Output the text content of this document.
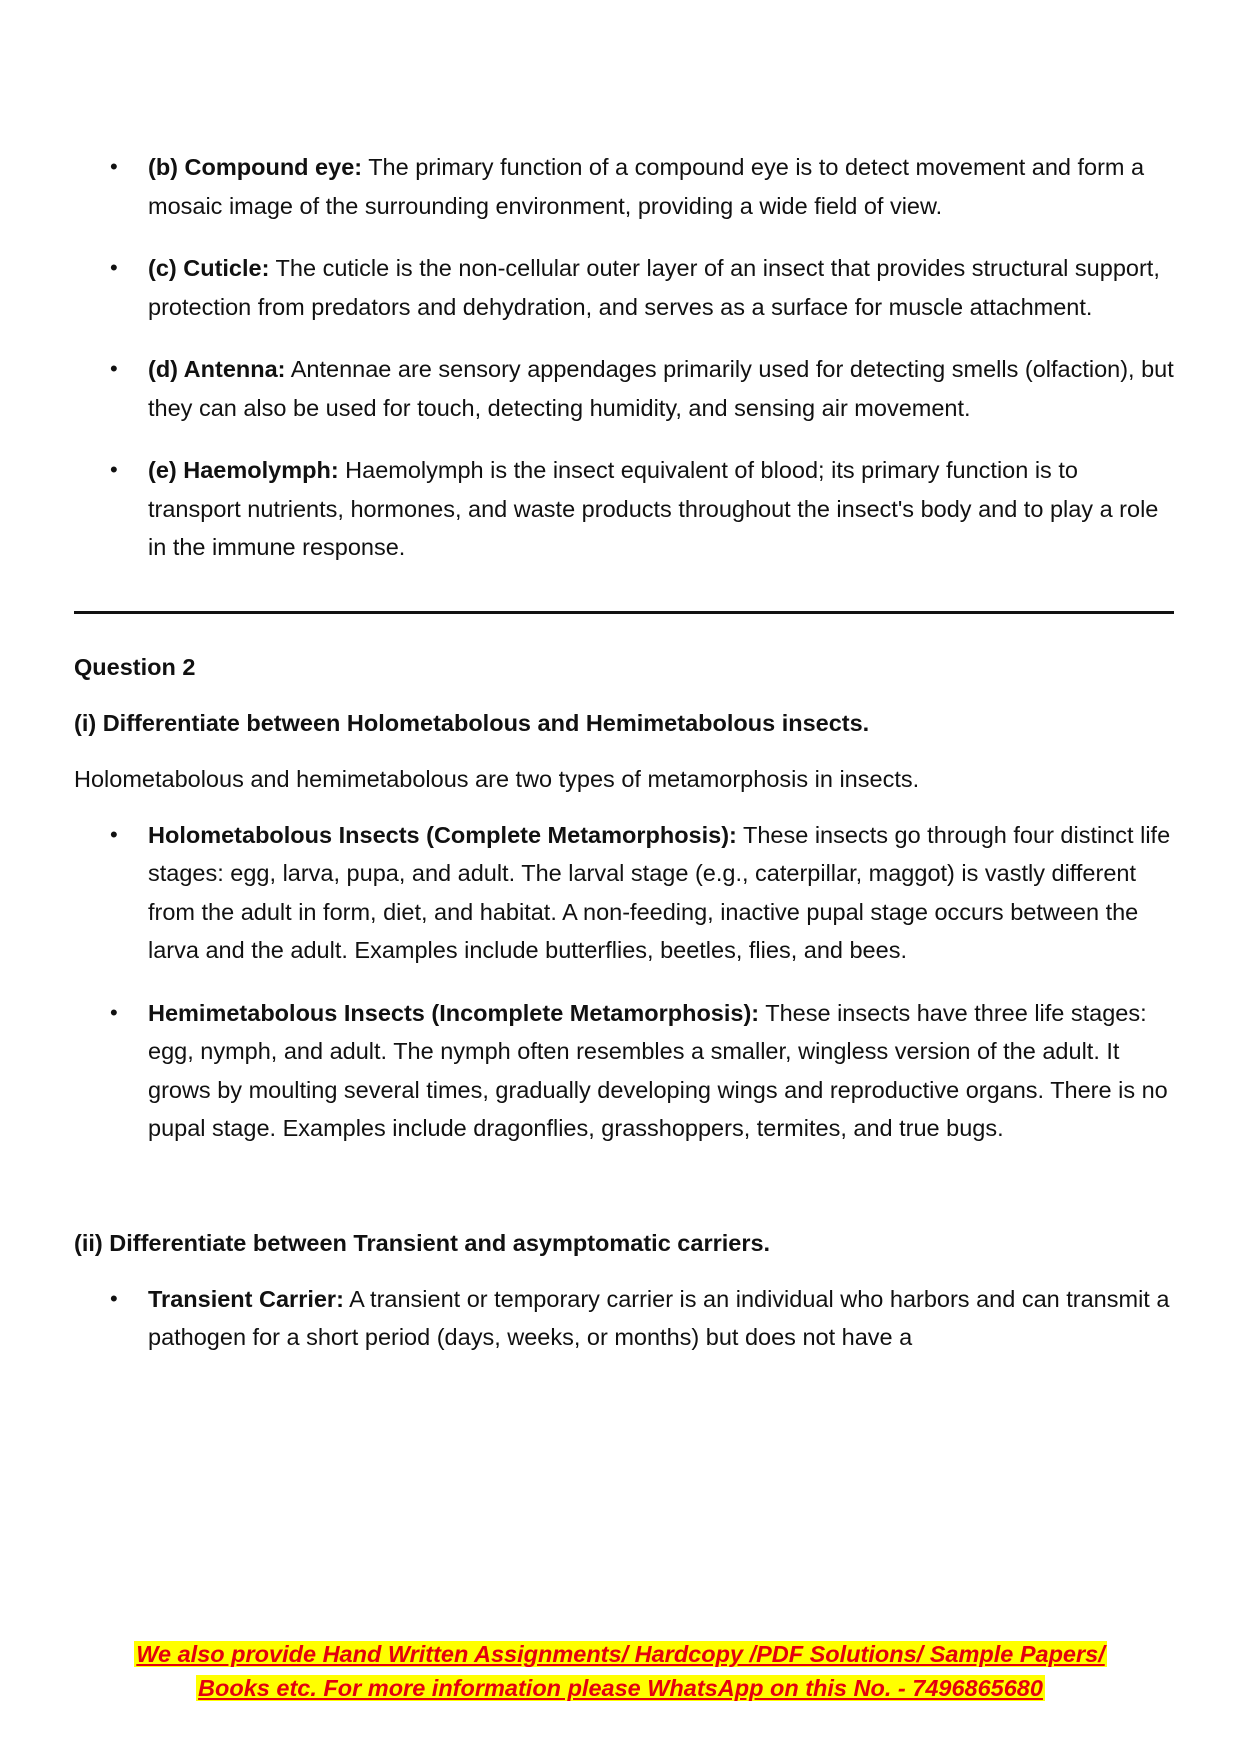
• (b) Compound eye: The primary function of a compound eye is to detect movement and form a mosaic image of the surrounding environment, providing a wide field of view.
• (c) Cuticle: The cuticle is the non-cellular outer layer of an insect that provides structural support, protection from predators and dehydration, and serves as a surface for muscle attachment.
• (d) Antenna: Antennae are sensory appendages primarily used for detecting smells (olfaction), but they can also be used for touch, detecting humidity, and sensing air movement.
• (e) Haemolymph: Haemolymph is the insect equivalent of blood; its primary function is to transport nutrients, hormones, and waste products throughout the insect's body and to play a role in the immune response.

Question 2

(i) Differentiate between Holometabolous and Hemimetabolous insects.

Holometabolous and hemimetabolous are two types of metamorphosis in insects.

• Holometabolous Insects (Complete Metamorphosis): These insects go through four distinct life stages: egg, larva, pupa, and adult. The larval stage (e.g., caterpillar, maggot) is vastly different from the adult in form, diet, and habitat. A non-feeding, inactive pupal stage occurs between the larva and the adult. Examples include butterflies, beetles, flies, and bees.
• Hemimetabolous Insects (Incomplete Metamorphosis): These insects have three life stages: egg, nymph, and adult. The nymph often resembles a smaller, wingless version of the adult. It grows by moulting several times, gradually developing wings and reproductive organs. There is no pupal stage. Examples include dragonflies, grasshoppers, termites, and true bugs.

(ii) Differentiate between Transient and asymptomatic carriers.

• Transient Carrier: A transient or temporary carrier is an individual who harbors and can transmit a pathogen for a short period (days, weeks, or months) but does not have a
We also provide Hand Written Assignments/ Hardcopy /PDF Solutions/ Sample Papers/
Books etc. For more information please WhatsApp on this No. - 7496865680
